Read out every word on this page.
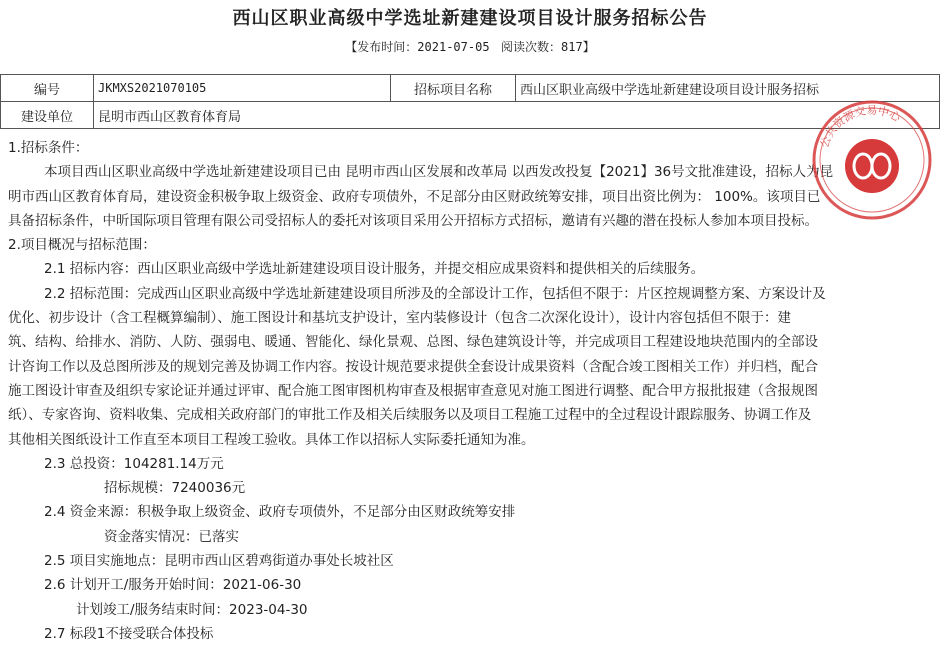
西山区职业高级中学选址新建建设项目设计服务招标公告
【发布时间：2021-07-05 阅读次数：817】
编号	JKMXS2021070105	招标项目名称	西山区职业高级中学选址新建建设项目设计服务招标
建设单位	昆明市西山区教育体育局		

1.招标条件：

本项目西山区职业高级中学选址新建建设项目已由 昆明市西山区发展和改革局 以西发改投复【2021】36号文批准建设，招标人为昆

明市西山区教育体育局，建设资金积极争取上级资金、政府专项债外，不足部分由区财政统筹安排，项目出资比例为： 100%。该项目已

具备招标条件，中昕国际项目管理有限公司受招标人的委托对该项目采用公开招标方式招标，邀请有兴趣的潜在投标人参加本项目投标。

2.项目概况与招标范围：

2.1 招标内容：西山区职业高级中学选址新建建设项目设计服务，并提交相应成果资料和提供相关的后续服务。

2.2 招标范围：完成西山区职业高级中学选址新建建设项目所涉及的全部设计工作，包括但不限于：片区控规调整方案、方案设计及

优化、初步设计（含工程概算编制）、施工图设计和基坑支护设计，室内装修设计（包含二次深化设计），设计内容包括但不限于：建

筑、结构、给排水、消防、人防、强弱电、暖通、智能化、绿化景观、总图、绿色建筑设计等，并完成项目工程建设地块范围内的全部设

计咨询工作以及总图所涉及的规划完善及协调工作内容。按设计规范要求提供全套设计成果资料（含配合竣工图相关工作）并归档，配合

施工图设计审查及组织专家论证并通过评审、配合施工图审图机构审查及根据审查意见对施工图进行调整、配合甲方报批报建（含报规图

纸）、专家咨询、资料收集、完成相关政府部门的审批工作及相关后续服务以及项目工程施工过程中的全过程设计跟踪服务、协调工作及

其他相关图纸设计工作直至本项目工程竣工验收。具体工作以招标人实际委托通知为准。

2.3 总投资：104281.14万元

招标规模：7240036元

2.4 资金来源：积极争取上级资金、政府专项债外，不足部分由区财政统筹安排

资金落实情况：已落实

2.5 项目实施地点：昆明市西山区碧鸡街道办事处长坡社区

2.6 计划开工/服务开始时间：2021-06-30

计划竣工/服务结束时间：2023-04-30

2.7 标段1不接受联合体投标

公共资源交易中心
